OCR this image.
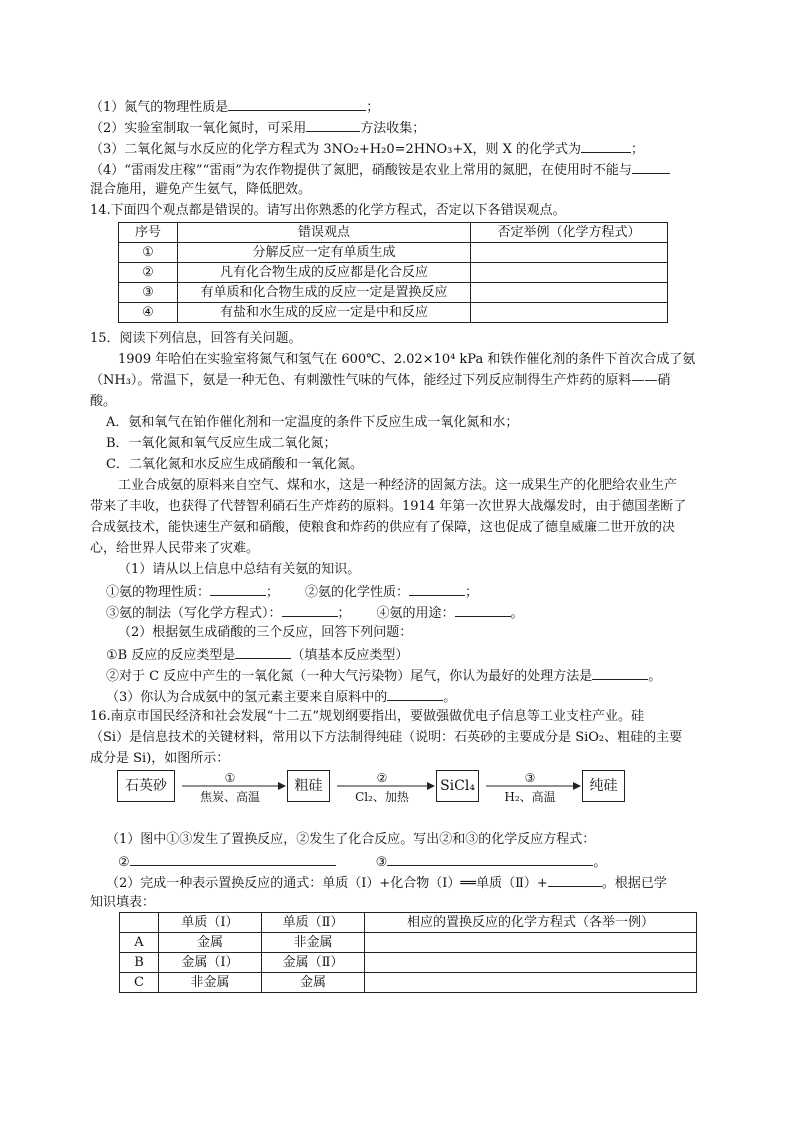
（1）氮气的物理性质是	；
（2）实验室制取一氧化氮时，可采用	方法收集；
（3）二氧化氮与水反应的化学方程式为 3NO₂+H₂0=2HNO₃+X，则 X 的化学式为	；
（4）“雷雨发庄稼”“雷雨”为农作物提供了氮肥，硝酸铵是农业上常用的氮肥，在使用时不能与
混合施用，避免产生氨气，降低肥效。
14.下面四个观点都是错误的。请写出你熟悉的化学方程式，否定以下各错误观点。
序号	错误观点	否定举例（化学方程式）
①	分解反应一定有单质生成	
②	凡有化合物生成的反应都是化合反应	
③	有单质和化合物生成的反应一定是置换反应	
④	有盐和水生成的反应一定是中和反应	
15．阅读下列信息，回答有关问题。
1909 年哈伯在实验室将氮气和氢气在 600℃、2.02×10⁴ kPa 和铁作催化剂的条件下首次合成了氨
（NH₃）。常温下，氨是一种无色、有刺激性气味的气体，能经过下列反应制得生产炸药的原料——硝
酸。
A．氨和氧气在铂作催化剂和一定温度的条件下反应生成一氧化氮和水；
B．一氧化氮和氧气反应生成二氧化氮；
C．二氧化氮和水反应生成硝酸和一氧化氮。
工业合成氨的原料来自空气、煤和水，这是一种经济的固氮方法。这一成果生产的化肥给农业生产
带来了丰收，也获得了代替智利硝石生产炸药的原料。1914 年第一次世界大战爆发时，由于德国垄断了
合成氨技术，能快速生产氨和硝酸，使粮食和炸药的供应有了保障，这也促成了德皇威廉二世开放的决
心，给世界人民带来了灾难。
（1）请从以上信息中总结有关氨的知识。
①氨的物理性质：	； ②氨的化学性质：	；
③氨的制法（写化学方程式）：	； ④氨的用途：	。
（2）根据氨生成硝酸的三个反应，回答下列问题：
①B 反应的反应类型是	（填基本反应类型）
②对于 C 反应中产生的一氧化氮（一种大气污染物）尾气，你认为最好的处理方法是	。
（3）你认为合成氨中的氢元素主要来自原料中的	。
16.南京市国民经济和社会发展“十二五”规划纲要指出，要做强做优电子信息等工业支柱产业。硅
（Si）是信息技术的关键材料，常用以下方法制得纯硅（说明：石英砂的主要成分是 SiO₂、粗硅的主要
成分是 Si)，如图所示：
石英砂	粗硅	SiCl₄	纯硅
①
焦炭、高温
②
Cl₂、加热
③
H₂、高温
（1）图中①③发生了置换反应，②发生了化合反应。写出②和③的化学反应方程式：
②	③	。
（2）完成一种表示置换反应的通式：单质（Ⅰ）+化合物（Ⅰ）══单质（Ⅱ）+	。根据已学
知识填表：
	单质（Ⅰ）	单质（Ⅱ）	相应的置换反应的化学方程式（各举一例）
A	金属	非金属	
B	金属（Ⅰ）	金属（Ⅱ）	
C	非金属	金属	
